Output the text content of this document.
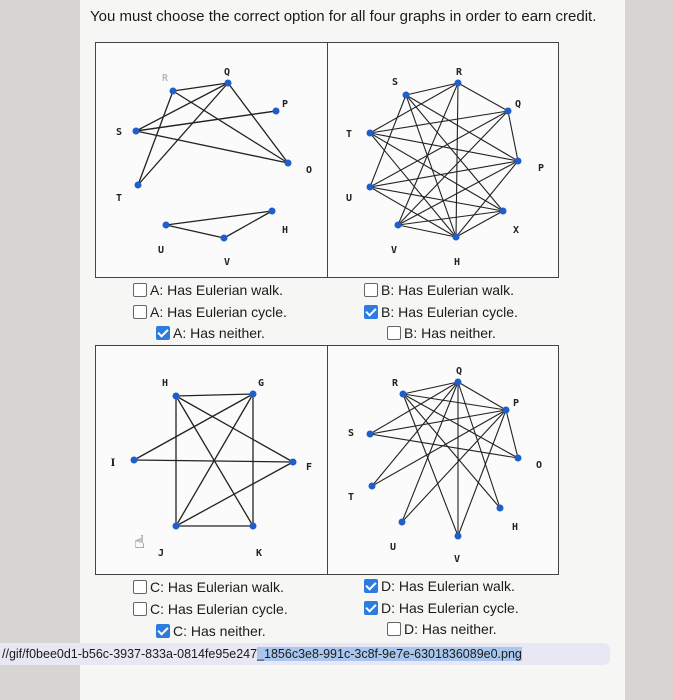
You must choose the correct option for all four graphs in order to earn credit.
R
Q
P
S
O
T
H
U
V
S
R
Q
T
P
U
X
V
H
A: Has Eulerian walk.
A: Has Eulerian cycle.
A: Has neither.
B: Has Eulerian walk.
B: Has Eulerian cycle.
B: Has neither.
H	G
I	F
J	K
R
Q
P
S
O
T
H
U
V
☝
C: Has Eulerian walk.
C: Has Eulerian cycle.
C: Has neither.
D: Has Eulerian walk.
D: Has Eulerian cycle.
D: Has neither.
//gif/f0bee0d1-b56c-3937-833a-0814fe95e247_1856c3e8-991c-3c8f-9e7e-6301836089e0.png
